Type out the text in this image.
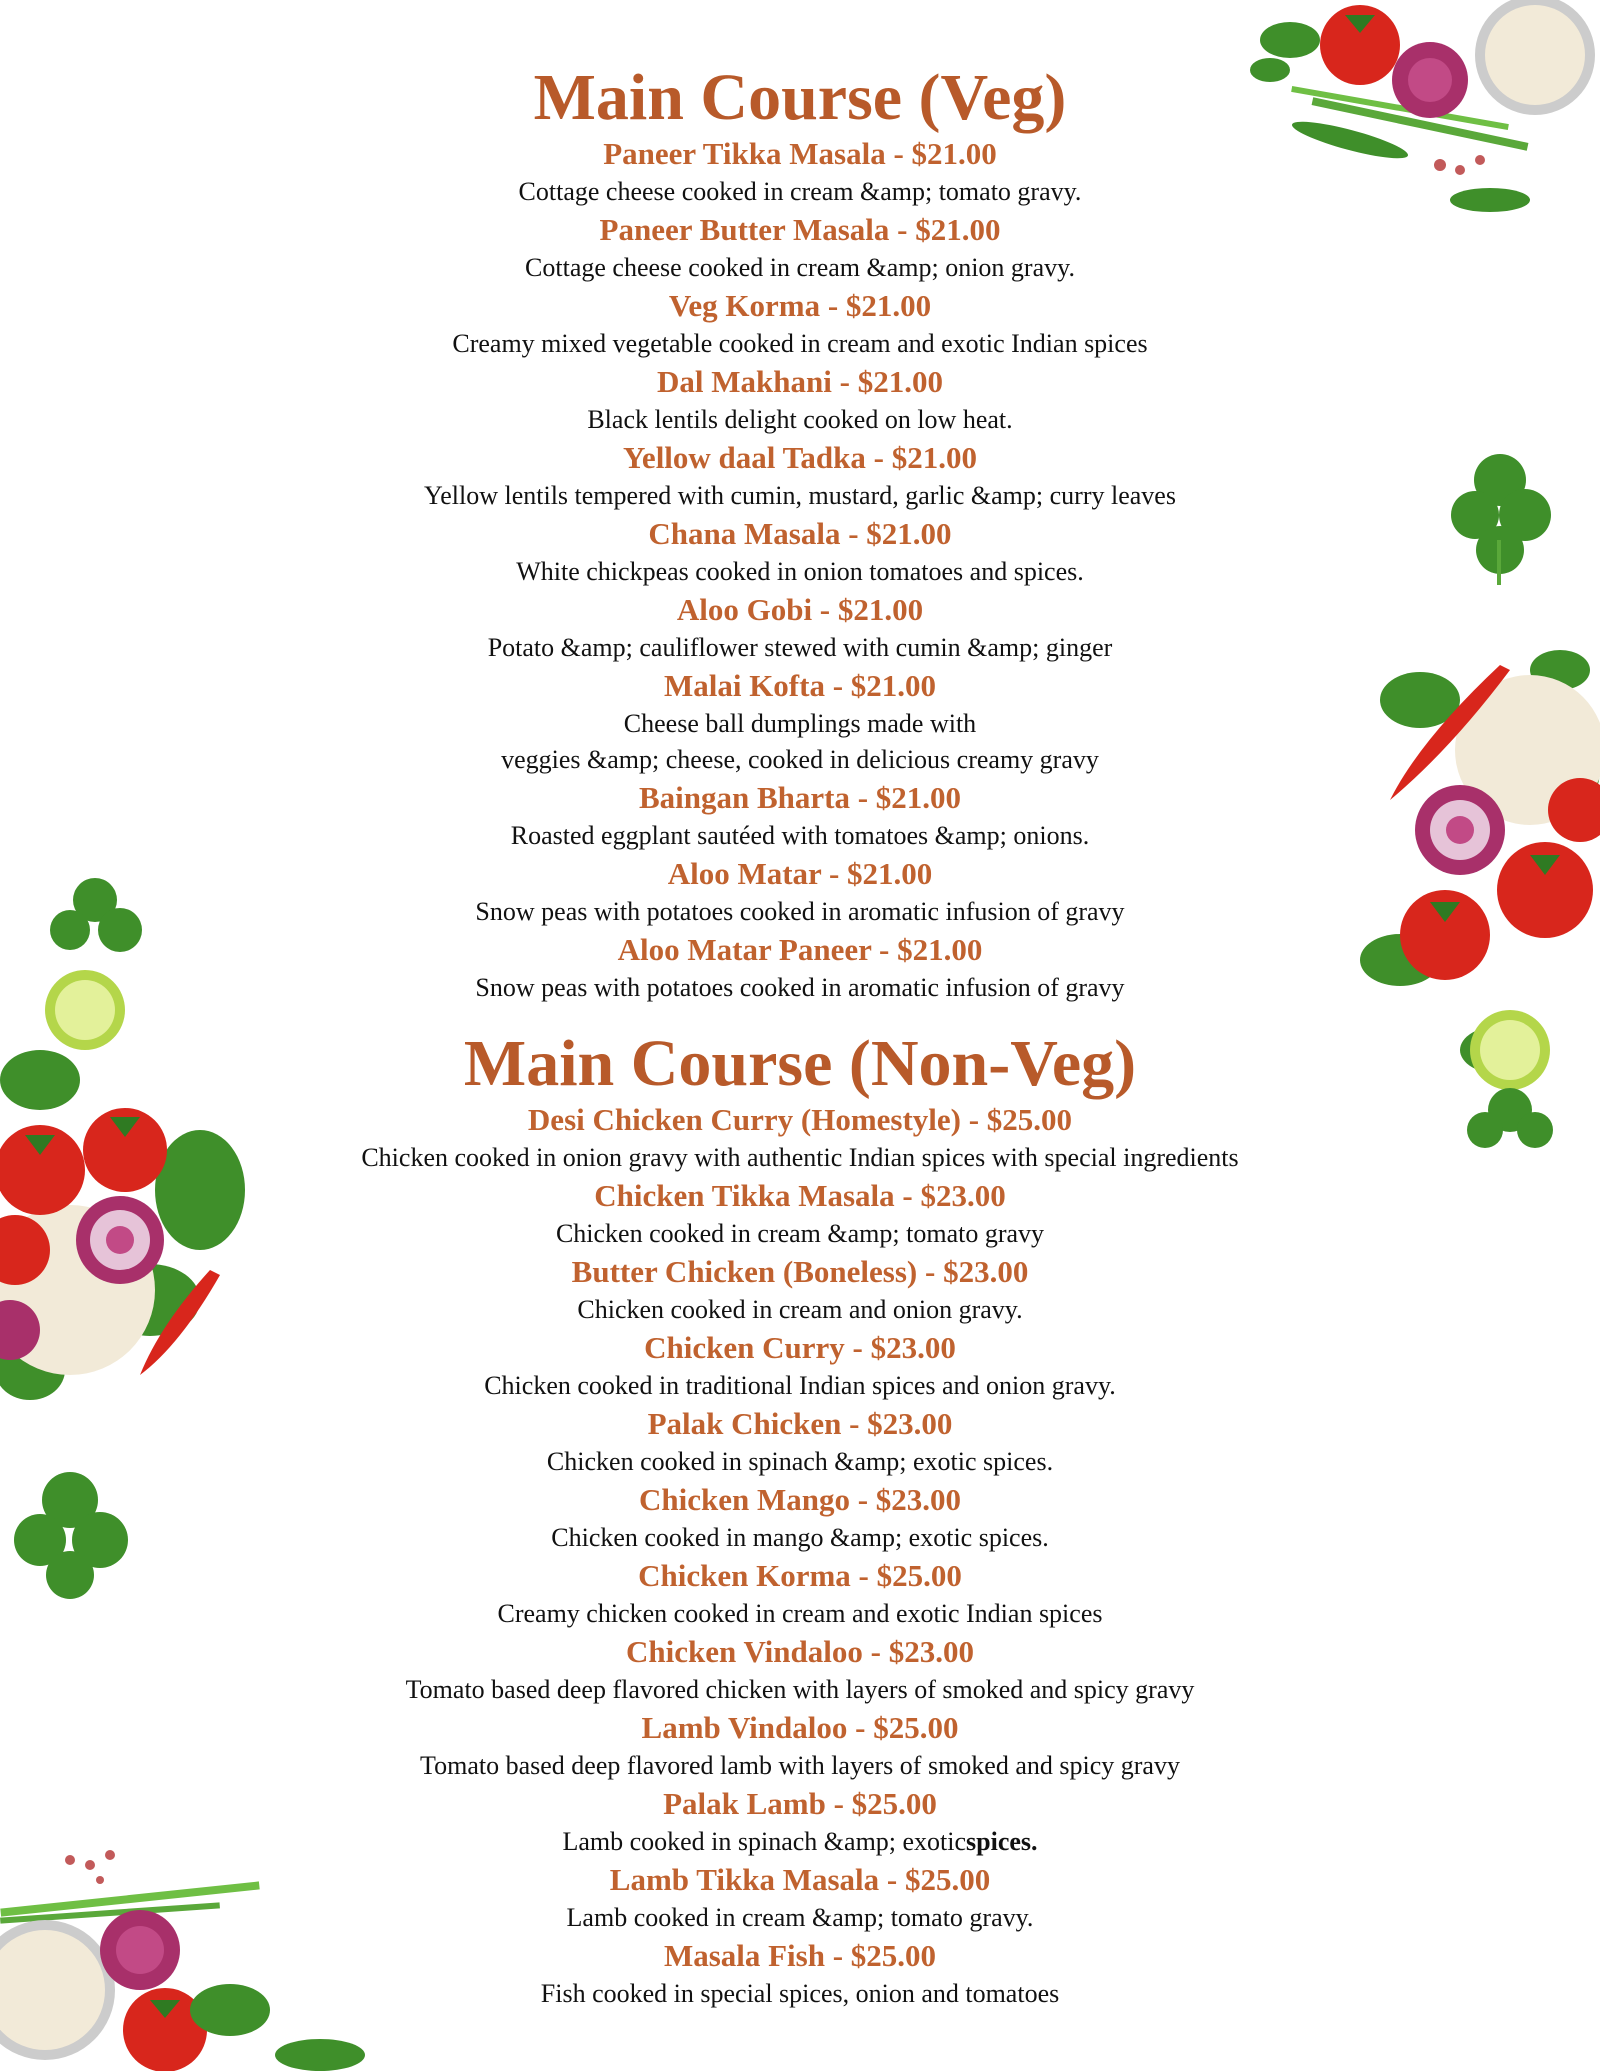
Main Course (Veg)

Paneer Tikka Masala - $21.00

Cottage cheese cooked in cream &amp; tomato gravy.

Paneer Butter Masala - $21.00

Cottage cheese cooked in cream &amp; onion gravy.

Veg Korma - $21.00

Creamy mixed vegetable cooked in cream and exotic Indian spices

Dal Makhani - $21.00

Black lentils delight cooked on low heat.

Yellow daal Tadka - $21.00

Yellow lentils tempered with cumin, mustard, garlic &amp; curry leaves

Chana Masala - $21.00

White chickpeas cooked in onion tomatoes and spices.

Aloo Gobi - $21.00

Potato &amp; cauliflower stewed with cumin &amp; ginger

Malai Kofta - $21.00

Cheese ball dumplings made with

veggies &amp; cheese, cooked in delicious creamy gravy

Baingan Bharta - $21.00

Roasted eggplant sautéed with tomatoes &amp; onions.

Aloo Matar - $21.00

Snow peas with potatoes cooked in aromatic infusion of gravy

Aloo Matar Paneer - $21.00

Snow peas with potatoes cooked in aromatic infusion of gravy

Main Course (Non-Veg)

Desi Chicken Curry (Homestyle) - $25.00

Chicken cooked in onion gravy with authentic Indian spices with special ingredients

Chicken Tikka Masala - $23.00

Chicken cooked in cream &amp; tomato gravy

Butter Chicken (Boneless) - $23.00

Chicken cooked in cream and onion gravy.

Chicken Curry - $23.00

Chicken cooked in traditional Indian spices and onion gravy.

Palak Chicken - $23.00

Chicken cooked in spinach &amp; exotic spices.

Chicken Mango - $23.00

Chicken cooked in mango &amp; exotic spices.

Chicken Korma - $25.00

Creamy chicken cooked in cream and exotic Indian spices

Chicken Vindaloo - $23.00

Tomato based deep flavored chicken with layers of smoked and spicy gravy

Lamb Vindaloo - $25.00

Tomato based deep flavored lamb with layers of smoked and spicy gravy

Palak Lamb - $25.00

Lamb cooked in spinach &amp; exoticspices.

Lamb Tikka Masala - $25.00

Lamb cooked in cream &amp; tomato gravy.

Masala Fish - $25.00

Fish cooked in special spices, onion and tomatoes
